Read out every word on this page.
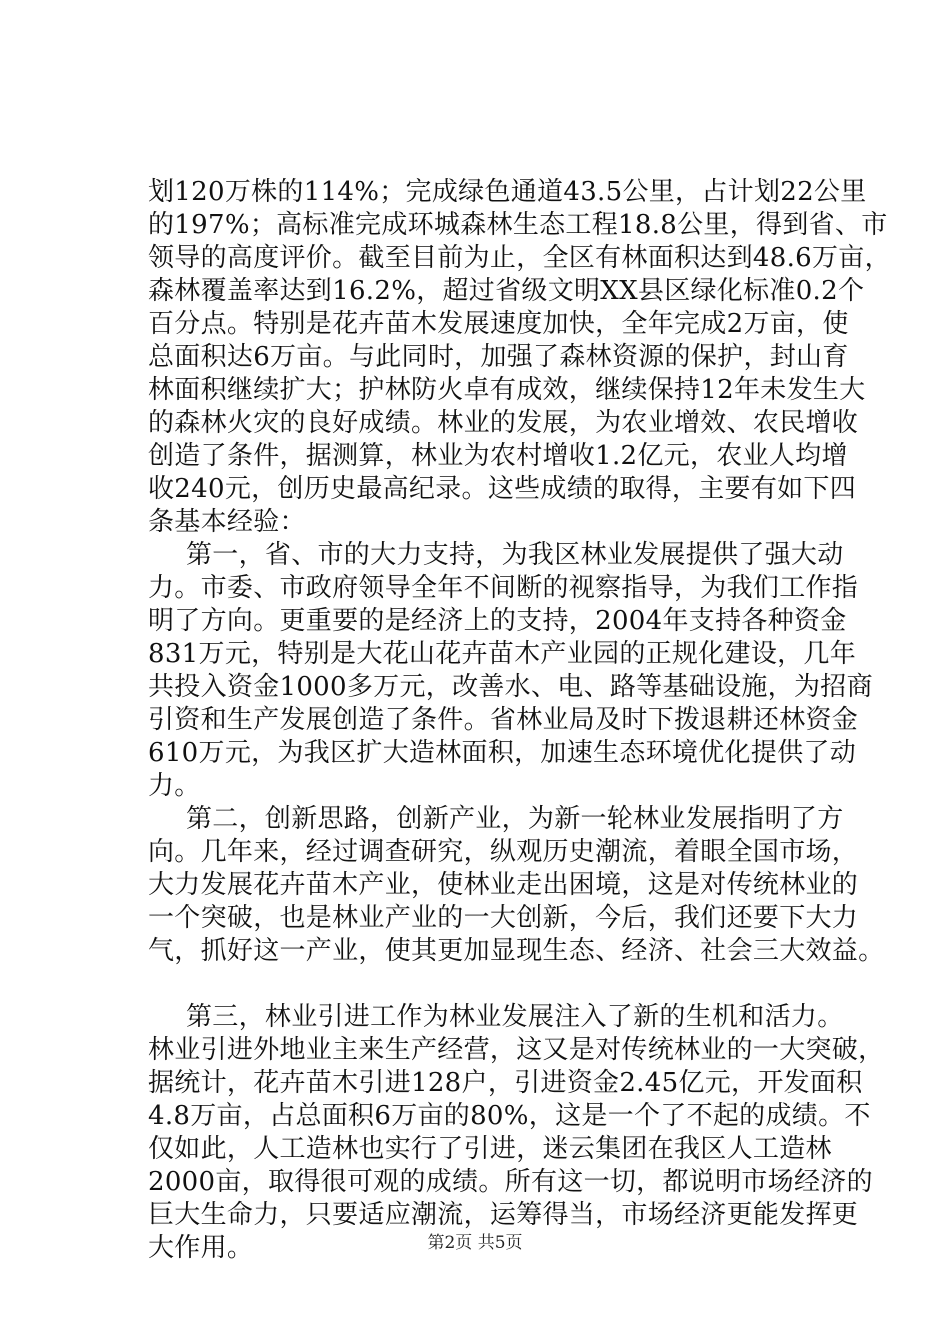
划120万株的114%；完成绿色通道43.5公里，占计划22公里
的197%；高标准完成环城森林生态工程18.8公里，得到省、市
领导的高度评价。截至目前为止，全区有林面积达到48.6万亩，
森林覆盖率达到16.2%，超过省级文明XX县区绿化标准0.2个
百分点。特别是花卉苗木发展速度加快，全年完成2万亩，使
总面积达6万亩。与此同时，加强了森林资源的保护，封山育
林面积继续扩大；护林防火卓有成效，继续保持12年未发生大
的森林火灾的良好成绩。林业的发展，为农业增效、农民增收
创造了条件，据测算，林业为农村增收1.2亿元，农业人均增
收240元，创历史最高纪录。这些成绩的取得，主要有如下四
条基本经验：
第一，省、市的大力支持，为我区林业发展提供了强大动
力。市委、市政府领导全年不间断的视察指导，为我们工作指
明了方向。更重要的是经济上的支持，2004年支持各种资金
831万元，特别是大花山花卉苗木产业园的正规化建设，几年
共投入资金1000多万元，改善水、电、路等基础设施，为招商
引资和生产发展创造了条件。省林业局及时下拨退耕还林资金
610万元，为我区扩大造林面积，加速生态环境优化提供了动
力。
第二，创新思路，创新产业，为新一轮林业发展指明了方
向。几年来，经过调查研究，纵观历史潮流，着眼全国市场，
大力发展花卉苗木产业，使林业走出困境，这是对传统林业的
一个突破，也是林业产业的一大创新，今后，我们还要下大力
气，抓好这一产业，使其更加显现生态、经济、社会三大效益。
第三，林业引进工作为林业发展注入了新的生机和活力。
林业引进外地业主来生产经营，这又是对传统林业的一大突破，
据统计，花卉苗木引进128户，引进资金2.45亿元，开发面积
4.8万亩，占总面积6万亩的80%，这是一个了不起的成绩。不
仅如此，人工造林也实行了引进，迷云集团在我区人工造林
2000亩，取得很可观的成绩。所有这一切，都说明市场经济的
巨大生命力，只要适应潮流，运筹得当，市场经济更能发挥更
大作用。	第2页 共5页
